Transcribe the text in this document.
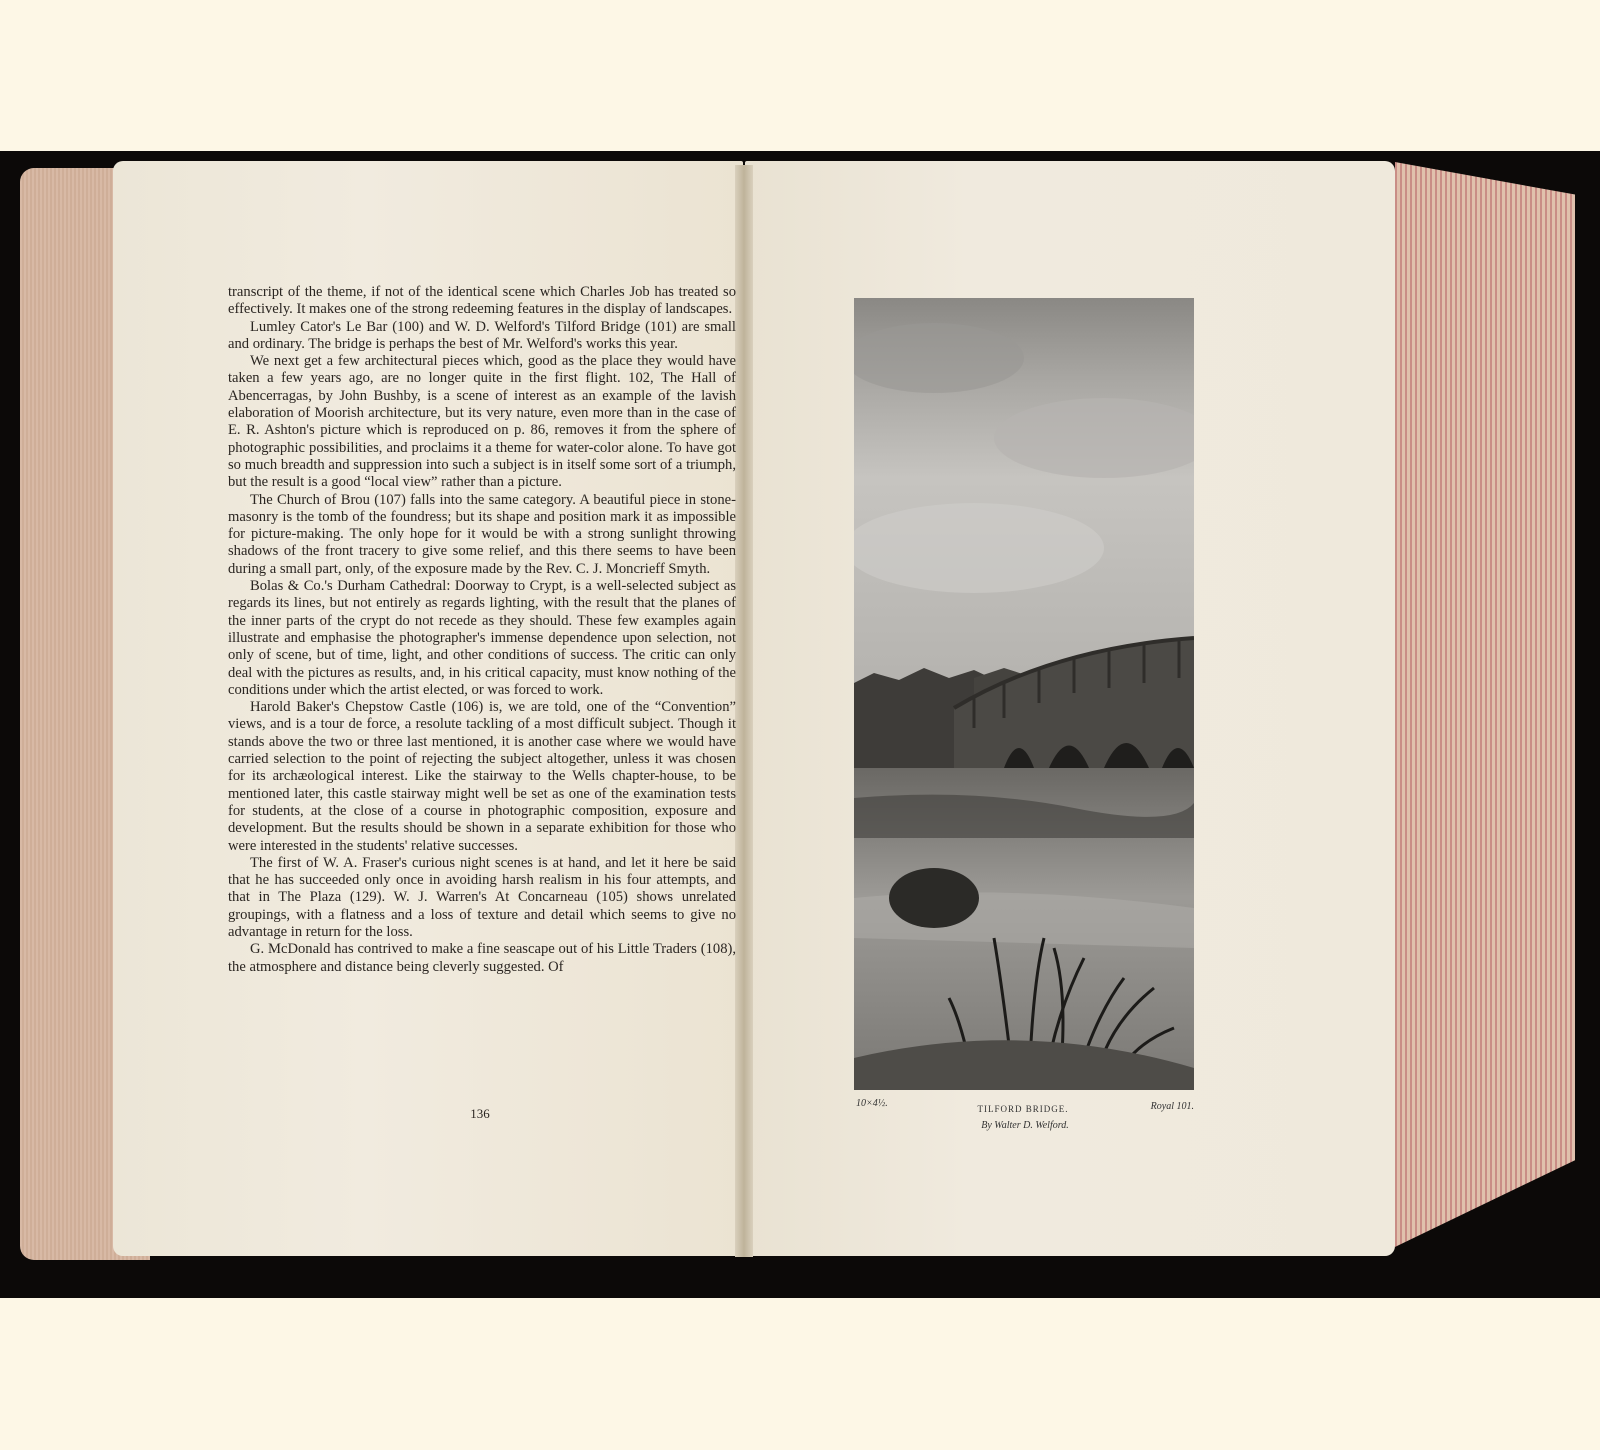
transcript of the theme, if not of the identical scene which Charles Job has treated so effectively. It makes one of the strong redeeming features in the display of landscapes.

Lumley Cator's Le Bar (100) and W. D. Welford's Tilford Bridge (101) are small and ordinary. The bridge is perhaps the best of Mr. Welford's works this year.

We next get a few architectural pieces which, good as the place they would have taken a few years ago, are no longer quite in the first flight. 102, The Hall of Abencerragas, by John Bushby, is a scene of interest as an example of the lavish elaboration of Moorish architecture, but its very nature, even more than in the case of E. R. Ashton's picture which is reproduced on p. 86, removes it from the sphere of photographic possibilities, and proclaims it a theme for water-color alone. To have got so much breadth and suppression into such a subject is in itself some sort of a triumph, but the result is a good “local view” rather than a picture.

The Church of Brou (107) falls into the same category. A beautiful piece in stone-masonry is the tomb of the foundress; but its shape and position mark it as impossible for picture-making. The only hope for it would be with a strong sunlight throwing shadows of the front tracery to give some relief, and this there seems to have been during a small part, only, of the exposure made by the Rev. C. J. Moncrieff Smyth.

Bolas & Co.'s Durham Cathedral: Doorway to Crypt, is a well-selected subject as regards its lines, but not entirely as regards lighting, with the result that the planes of the inner parts of the crypt do not recede as they should. These few examples again illustrate and emphasise the photographer's immense dependence upon selection, not only of scene, but of time, light, and other conditions of success. The critic can only deal with the pictures as results, and, in his critical capacity, must know nothing of the conditions under which the artist elected, or was forced to work.

Harold Baker's Chepstow Castle (106) is, we are told, one of the “Convention” views, and is a tour de force, a resolute tackling of a most difficult subject. Though it stands above the two or three last mentioned, it is another case where we would have carried selection to the point of rejecting the subject altogether, unless it was chosen for its archæological interest. Like the stairway to the Wells chapter-house, to be mentioned later, this castle stairway might well be set as one of the examination tests for students, at the close of a course in photographic composition, exposure and development. But the results should be shown in a separate exhibition for those who were interested in the students' relative successes.

The first of W. A. Fraser's curious night scenes is at hand, and let it here be said that he has succeeded only once in avoiding harsh realism in his four attempts, and that in The Plaza (129). W. J. Warren's At Concarneau (105) shows unrelated groupings, with a flatness and a loss of texture and detail which seems to give no advantage in return for the loss.

G. McDonald has contrived to make a fine seascape out of his Little Traders (108), the atmosphere and distance being cleverly suggested. Of

136
10×4½.	TILFORD BRIDGE.	Royal 101.
By Walter D. Welford.
